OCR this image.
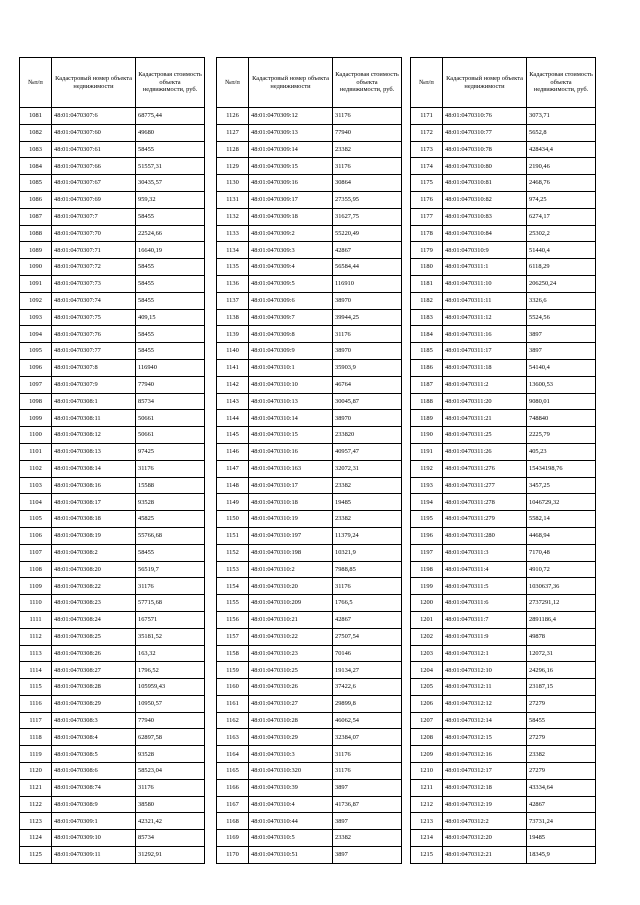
№п/п	Кадастровый номер объекта недвижимости	Кадастровая стоимость объекта недвижимости, руб.
1081	48:01:0470307:6	68775,44
1082	48:01:0470307:60	49680
1083	48:01:0470307:61	58455
1084	48:01:0470307:66	51557,31
1085	48:01:0470307:67	30435,57
1086	48:01:0470307:69	959,32
1087	48:01:0470307:7	58455
1088	48:01:0470307:70	22524,66
1089	48:01:0470307:71	16640,19
1090	48:01:0470307:72	58455
1091	48:01:0470307:73	58455
1092	48:01:0470307:74	58455
1093	48:01:0470307:75	409,15
1094	48:01:0470307:76	58455
1095	48:01:0470307:77	58455
1096	48:01:0470307:8	116940
1097	48:01:0470307:9	77940
1098	48:01:0470308:1	85734
1099	48:01:0470308:11	50661
1100	48:01:0470308:12	50661
1101	48:01:0470308:13	97425
1102	48:01:0470308:14	31176
1103	48:01:0470308:16	15588
1104	48:01:0470308:17	93528
1105	48:01:0470308:18	45825
1106	48:01:0470308:19	55766,68
1107	48:01:0470308:2	58455
1108	48:01:0470308:20	56519,7
1109	48:01:0470308:22	31176
1110	48:01:0470308:23	57715,68
1111	48:01:0470308:24	167571
1112	48:01:0470308:25	35181,52
1113	48:01:0470308:26	163,32
1114	48:01:0470308:27	1796,52
1115	48:01:0470308:28	105959,43
1116	48:01:0470308:29	10950,57
1117	48:01:0470308:3	77940
1118	48:01:0470308:4	62897,58
1119	48:01:0470308:5	93528
1120	48:01:0470308:6	58523,04
1121	48:01:0470308:74	31176
1122	48:01:0470308:9	38580
1123	48:01:0470309:1	42321,42
1124	48:01:0470309:10	85734
1125	48:01:0470309:11	31292,91
№п/п	Кадастровый номер объекта недвижимости	Кадастровая стоимость объекта недвижимости, руб.
1126	48:01:0470309:12	31176
1127	48:01:0470309:13	77940
1128	48:01:0470309:14	23382
1129	48:01:0470309:15	31176
1130	48:01:0470309:16	30864
1131	48:01:0470309:17	27355,95
1132	48:01:0470309:18	31627,75
1133	48:01:0470309:2	55220,49
1134	48:01:0470309:3	42867
1135	48:01:0470309:4	56584,44
1136	48:01:0470309:5	116910
1137	48:01:0470309:6	38970
1138	48:01:0470309:7	39944,25
1139	48:01:0470309:8	31176
1140	48:01:0470309:9	38970
1141	48:01:0470310:1	35903,9
1142	48:01:0470310:10	46764
1143	48:01:0470310:13	30045,87
1144	48:01:0470310:14	38970
1145	48:01:0470310:15	233820
1146	48:01:0470310:16	40957,47
1147	48:01:0470310:163	32072,31
1148	48:01:0470310:17	23382
1149	48:01:0470310:18	19485
1150	48:01:0470310:19	23382
1151	48:01:0470310:197	11379,24
1152	48:01:0470310:198	10321,9
1153	48:01:0470310:2	7988,85
1154	48:01:0470310:20	31176
1155	48:01:0470310:209	1766,5
1156	48:01:0470310:21	42867
1157	48:01:0470310:22	27507,54
1158	48:01:0470310:23	70146
1159	48:01:0470310:25	19134,27
1160	48:01:0470310:26	37422,6
1161	48:01:0470310:27	29899,8
1162	48:01:0470310:28	46062,54
1163	48:01:0470310:29	32384,07
1164	48:01:0470310:3	31176
1165	48:01:0470310:320	31176
1166	48:01:0470310:39	3897
1167	48:01:0470310:4	41736,87
1168	48:01:0470310:44	3897
1169	48:01:0470310:5	23382
1170	48:01:0470310:51	3897
№п/п	Кадастровый номер объекта недвижимости	Кадастровая стоимость объекта недвижимости, руб.
1171	48:01:0470310:76	3073,71
1172	48:01:0470310:77	5652,8
1173	48:01:0470310:78	428434,4
1174	48:01:0470310:80	2190,46
1175	48:01:0470310:81	2468,76
1176	48:01:0470310:82	974,25
1177	48:01:0470310:83	6274,17
1178	48:01:0470310:84	25302,2
1179	48:01:0470310:9	51440,4
1180	48:01:0470311:1	6118,29
1181	48:01:0470311:10	206250,24
1182	48:01:0470311:11	3326,6
1183	48:01:0470311:12	5524,56
1184	48:01:0470311:16	3897
1185	48:01:0470311:17	3897
1186	48:01:0470311:18	54140,4
1187	48:01:0470311:2	13600,53
1188	48:01:0470311:20	9080,01
1189	48:01:0470311:21	748840
1190	48:01:0470311:25	2225,79
1191	48:01:0470311:26	405,23
1192	48:01:0470311:276	15434198,76
1193	48:01:0470311:277	3457,25
1194	48:01:0470311:278	1046729,32
1195	48:01:0470311:279	5582,14
1196	48:01:0470311:280	4468,94
1197	48:01:0470311:3	7170,48
1198	48:01:0470311:4	4910,72
1199	48:01:0470311:5	1030637,36
1200	48:01:0470311:6	2737291,12
1201	48:01:0470311:7	2891186,4
1202	48:01:0470311:9	49878
1203	48:01:0470312:1	12072,31
1204	48:01:0470312:10	24296,16
1205	48:01:0470312:11	23187,15
1206	48:01:0470312:12	27279
1207	48:01:0470312:14	58455
1208	48:01:0470312:15	27279
1209	48:01:0470312:16	23382
1210	48:01:0470312:17	27279
1211	48:01:0470312:18	43334,64
1212	48:01:0470312:19	42867
1213	48:01:0470312:2	73731,24
1214	48:01:0470312:20	19485
1215	48:01:0470312:21	18345,9
